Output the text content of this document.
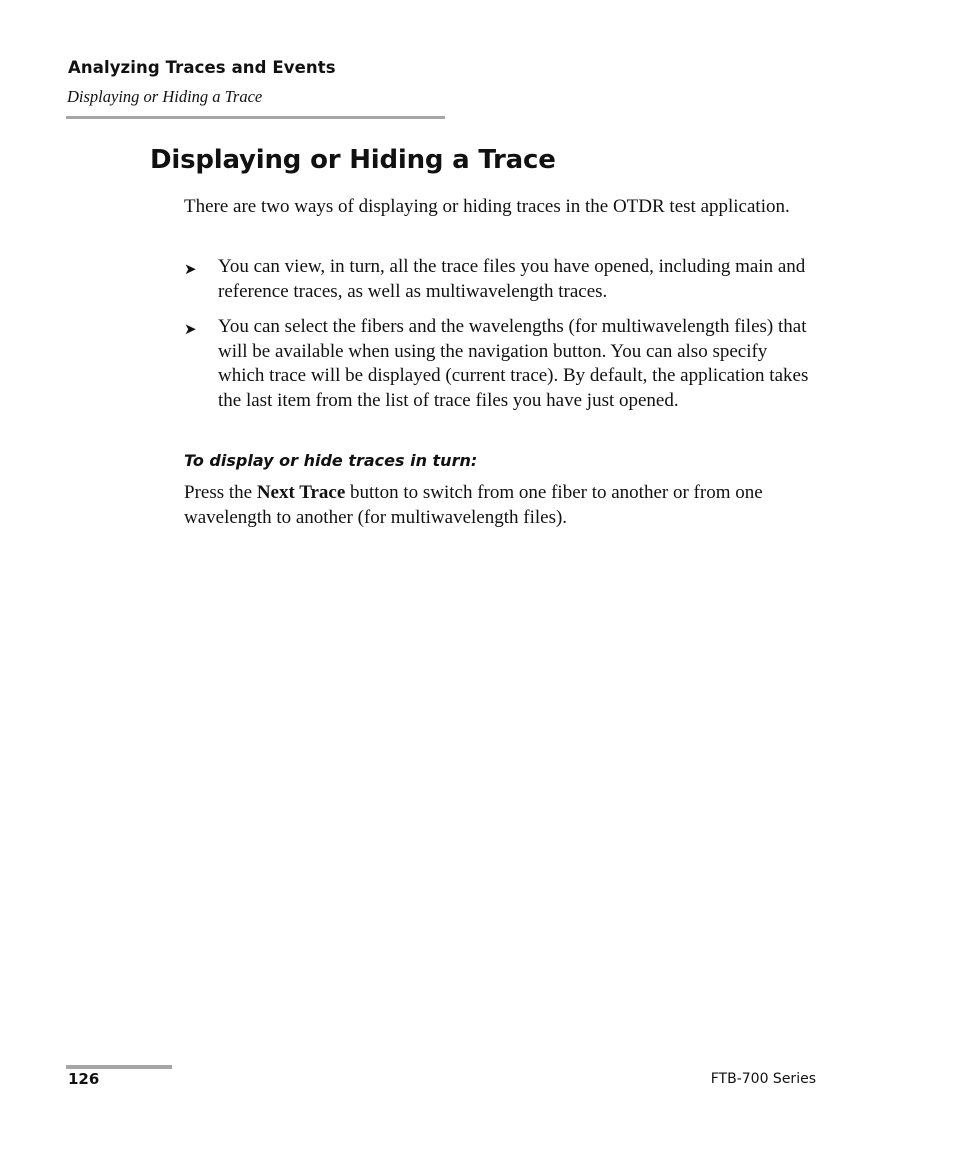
Analyzing Traces and Events
Displaying or Hiding a Trace
Displaying or Hiding a Trace

There are two ways of displaying or hiding traces in the OTDR test application.

➤ You can view, in turn, all the trace files you have opened, including main and reference traces, as well as multiwavelength traces.
➤ You can select the fibers and the wavelengths (for multiwavelength files) that will be available when using the navigation button. You can also specify which trace will be displayed (current trace). By default, the application takes the last item from the list of trace files you have just opened.
To display or hide traces in turn:

Press the Next Trace button to switch from one fiber to another or from one wavelength to another (for multiwavelength files).

126	FTB-700 Series
